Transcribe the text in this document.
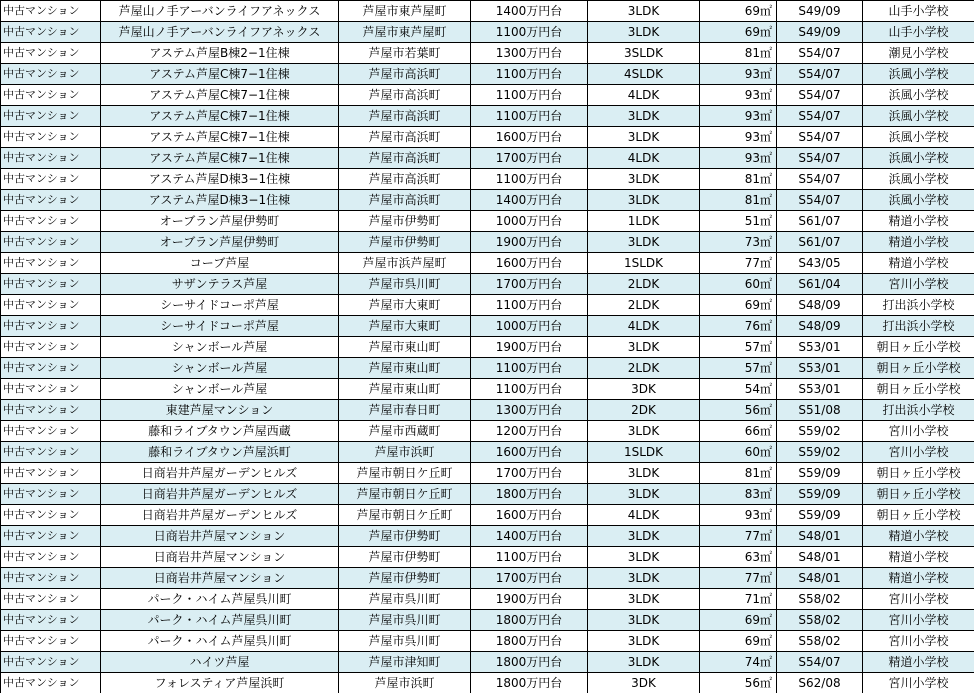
中古マンション	芦屋山ノ手アーバンライフアネックス	芦屋市東芦屋町	1400万円台	3LDK	69㎡	S49/09	山手小学校
中古マンション	芦屋山ノ手アーバンライフアネックス	芦屋市東芦屋町	1100万円台	3LDK	69㎡	S49/09	山手小学校
中古マンション	アステム芦屋B棟2−1住棟	芦屋市若葉町	1300万円台	3SLDK	81㎡	S54/07	潮見小学校
中古マンション	アステム芦屋C棟7−1住棟	芦屋市高浜町	1100万円台	4SLDK	93㎡	S54/07	浜風小学校
中古マンション	アステム芦屋C棟7−1住棟	芦屋市高浜町	1100万円台	4LDK	93㎡	S54/07	浜風小学校
中古マンション	アステム芦屋C棟7−1住棟	芦屋市高浜町	1100万円台	3LDK	93㎡	S54/07	浜風小学校
中古マンション	アステム芦屋C棟7−1住棟	芦屋市高浜町	1600万円台	3LDK	93㎡	S54/07	浜風小学校
中古マンション	アステム芦屋C棟7−1住棟	芦屋市高浜町	1700万円台	4LDK	93㎡	S54/07	浜風小学校
中古マンション	アステム芦屋D棟3−1住棟	芦屋市高浜町	1100万円台	3LDK	81㎡	S54/07	浜風小学校
中古マンション	アステム芦屋D棟3−1住棟	芦屋市高浜町	1400万円台	3LDK	81㎡	S54/07	浜風小学校
中古マンション	オーブラン芦屋伊勢町	芦屋市伊勢町	1000万円台	1LDK	51㎡	S61/07	精道小学校
中古マンション	オーブラン芦屋伊勢町	芦屋市伊勢町	1900万円台	3LDK	73㎡	S61/07	精道小学校
中古マンション	コーブ芦屋	芦屋市浜芦屋町	1600万円台	1SLDK	77㎡	S43/05	精道小学校
中古マンション	サザンテラス芦屋	芦屋市呉川町	1700万円台	2LDK	60㎡	S61/04	宮川小学校
中古マンション	シーサイドコーポ芦屋	芦屋市大東町	1100万円台	2LDK	69㎡	S48/09	打出浜小学校
中古マンション	シーサイドコーポ芦屋	芦屋市大東町	1000万円台	4LDK	76㎡	S48/09	打出浜小学校
中古マンション	シャンボール芦屋	芦屋市東山町	1900万円台	3LDK	57㎡	S53/01	朝日ヶ丘小学校
中古マンション	シャンボール芦屋	芦屋市東山町	1100万円台	2LDK	57㎡	S53/01	朝日ヶ丘小学校
中古マンション	シャンボール芦屋	芦屋市東山町	1100万円台	3DK	54㎡	S53/01	朝日ヶ丘小学校
中古マンション	東建芦屋マンション	芦屋市春日町	1300万円台	2DK	56㎡	S51/08	打出浜小学校
中古マンション	藤和ライブタウン芦屋西蔵	芦屋市西蔵町	1200万円台	3LDK	66㎡	S59/02	宮川小学校
中古マンション	藤和ライブタウン芦屋浜町	芦屋市浜町	1600万円台	1SLDK	60㎡	S59/02	宮川小学校
中古マンション	日商岩井芦屋ガーデンヒルズ	芦屋市朝日ケ丘町	1700万円台	3LDK	81㎡	S59/09	朝日ヶ丘小学校
中古マンション	日商岩井芦屋ガーデンヒルズ	芦屋市朝日ケ丘町	1800万円台	3LDK	83㎡	S59/09	朝日ヶ丘小学校
中古マンション	日商岩井芦屋ガーデンヒルズ	芦屋市朝日ケ丘町	1600万円台	4LDK	93㎡	S59/09	朝日ヶ丘小学校
中古マンション	日商岩井芦屋マンション	芦屋市伊勢町	1400万円台	3LDK	77㎡	S48/01	精道小学校
中古マンション	日商岩井芦屋マンション	芦屋市伊勢町	1100万円台	3LDK	63㎡	S48/01	精道小学校
中古マンション	日商岩井芦屋マンション	芦屋市伊勢町	1700万円台	3LDK	77㎡	S48/01	精道小学校
中古マンション	パーク・ハイム芦屋呉川町	芦屋市呉川町	1900万円台	3LDK	71㎡	S58/02	宮川小学校
中古マンション	パーク・ハイム芦屋呉川町	芦屋市呉川町	1800万円台	3LDK	69㎡	S58/02	宮川小学校
中古マンション	パーク・ハイム芦屋呉川町	芦屋市呉川町	1800万円台	3LDK	69㎡	S58/02	宮川小学校
中古マンション	ハイツ芦屋	芦屋市津知町	1800万円台	3LDK	74㎡	S54/07	精道小学校
中古マンション	フォレスティア芦屋浜町	芦屋市浜町	1800万円台	3DK	56㎡	S62/08	宮川小学校
